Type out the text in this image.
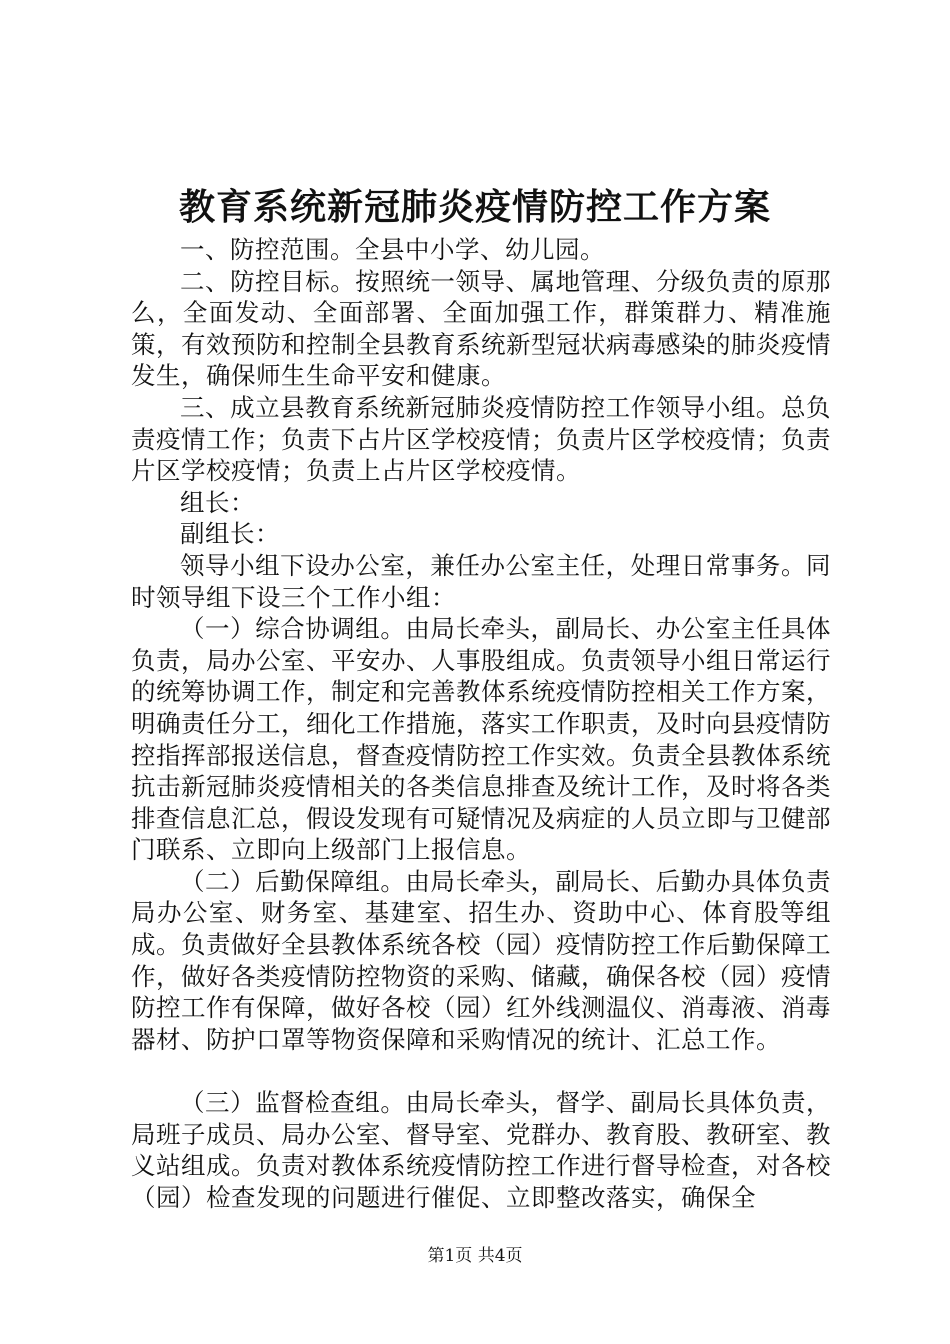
教育系统新冠肺炎疫情防控工作方案

一、防控范围。全县中小学、幼儿园。

二、防控目标。按照统一领导、属地管理、分级负责的原那么，全面发动、全面部署、全面加强工作，群策群力、精准施策，有效预防和控制全县教育系统新型冠状病毒感染的肺炎疫情发生，确保师生生命平安和健康。

三、成立县教育系统新冠肺炎疫情防控工作领导小组。总负责疫情工作；负责下占片区学校疫情；负责片区学校疫情；负责片区学校疫情；负责上占片区学校疫情。

组长：

副组长：

领导小组下设办公室，兼任办公室主任，处理日常事务。同时领导组下设三个工作小组：

（一）综合协调组。由局长牵头，副局长、办公室主任具体负责，局办公室、平安办、人事股组成。负责领导小组日常运行的统筹协调工作，制定和完善教体系统疫情防控相关工作方案，明确责任分工，细化工作措施，落实工作职责，及时向县疫情防控指挥部报送信息，督查疫情防控工作实效。负责全县教体系统抗击新冠肺炎疫情相关的各类信息排查及统计工作，及时将各类排查信息汇总，假设发现有可疑情况及病症的人员立即与卫健部门联系、立即向上级部门上报信息。

（二）后勤保障组。由局长牵头，副局长、后勤办具体负责局办公室、财务室、基建室、招生办、资助中心、体育股等组成。负责做好全县教体系统各校（园）疫情防控工作后勤保障工作，做好各类疫情防控物资的采购、储藏，确保各校（园）疫情防控工作有保障，做好各校（园）红外线测温仪、消毒液、消毒器材、防护口罩等物资保障和采购情况的统计、汇总工作。

（三）监督检查组。由局长牵头，督学、副局长具体负责，局班子成员、局办公室、督导室、党群办、教育股、教研室、教义站组成。负责对教体系统疫情防控工作进行督导检查，对各校（园）检查发现的问题进行催促、立即整改落实，确保全

第1页 共4页
